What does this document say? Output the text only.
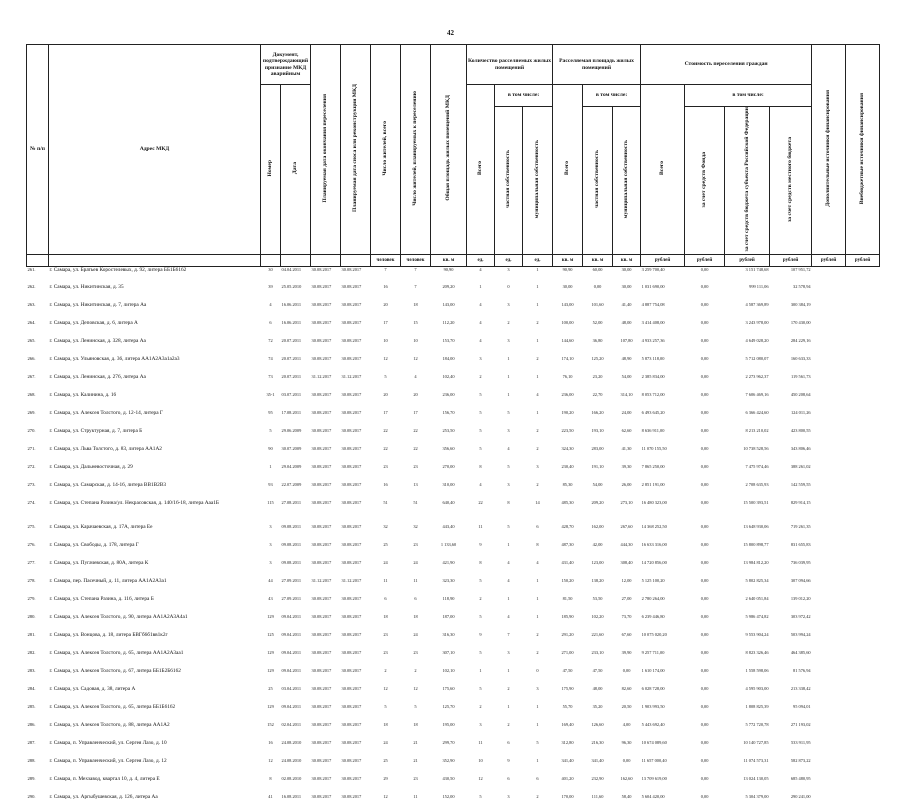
42
№ п/п	Адрес МКД	Документ, подтверждающий признание МКД аварийным		Планируемая дата окончания переселения	Планируемая дата сноса или реконструкции МКД	Число жителей, всего	Число жителей, планируемых к переселению	Общая площадь жилых помещений МКД	Количество расселяемых жилых помещений			Расселяемая площадь жилых помещений			Стоимость переселения граждан				Дополнительные источники финансирования	Внебюджетные источники финансирования
		Номер	Дата						Всего	в том числе:		Всего	в том числе:		Всего	в том числе:				
										частная собственность	муниципальная собственность		частная собственность	муниципальная собственность		за счет средств Фонда	за счет средств бюджета субъекта Российской Федерации	за счет средств местного бюджета		
						человек	человек	кв. м	ед.	ед.	ед.	кв. м	кв. м	кв. м	рублей	рублей	рублей	рублей	рублей	рублей
261.	г. Самара, ул. Братьев Коростелевых, д. 92, литера ББ1Б6162	30	04.04.2011	30.08.2017	30.08.2017	7	7	90,90	4	3	1	90,90	60,00	30,00	3 259 700,40	0,00	3 151 748,68	107 951,72		
262.	г. Самара, ул. Никитинская, д. 35	39	25.05.2010	30.08.2017	30.08.2017	16	7	209,20	1	0	1	30,00	0,00	30,00	1 031 690,00	0,00	999 111,06	32 578,94		
263.	г. Самара, ул. Никитинская, д. 7, литера Аа	4	16.06.2011	30.08.2017	30.08.2017	20	18	143,00	4	3	1	143,00	101,60	41,40	4 887 754,08	0,00	4 587 369,89	300 384,19		
264.	г. Самара, ул. Деповская, д. 6, литера А	6	16.06.2011	30.08.2017	30.08.2017	17	15	112,20	4	2	2	100,00	52,00	48,00	3 414 408,00	0,00	3 243 978,00	170 430,00		
265.	г. Самара, ул. Ленинская, д. 328, литера Аа	72	20.07.2011	30.08.2017	30.08.2017	10	10	153,70	4	3	1	144,60	36,80	107,80	4 933 257,36	0,00	4 649 028,20	284 229,16		
266.	г. Самара, ул. Ульяновская, д. 36, литера АА1А2А3а1а2а3	74	20.07.2011	30.08.2017	30.08.2017	12	12	184,00	3	1	2	174,10	125,20	48,90	5 873 118,00	0,00	5 712 080,07	160 633,33		
267.	г. Самара, ул. Ленинская, д. 276, литера Аа	73	20.07.2011	31.12.2017	31.12.2017	5	4	102,40	2	1	1	76,10	23,20	54,00	2 385 834,00	0,00	2 273 962,37	119 561,73		
268.	г. Самара, ул. Калинина, д. 16	35-1	03.07.2011	30.08.2017	30.08.2017	20	20	236,00	5	1	4	236,00	22,70	314,10	8 053 712,00	0,00	7 606 469,16	450 208,64		
269.	г. Самара, ул. Алексея Толстого, д. 12-14, литера Г	95	17.08.2011	30.08.2017	30.08.2017	17	17	156,70	5	5	1	190,20	166,20	24,00	6 493 645,20	0,00	6 366 424,60	124 011,26		
270.	г. Самара, ул. Структурная, д. 7, литера Б	5	29.06.2009	30.08.2017	30.08.2017	22	22	253,50	5	3	2	223,50	193,10	62,60	8 636 911,00	0,00	8 213 210,02	423 800,55		
271.	г. Самара, ул. Льва Толстого, д. 83, литера АА1А2	90	30.07.2009	30.08.2017	30.08.2017	22	22	356,60	5	4	2	324,30	283,00	41,30	11 070 155,50	0,00	10 738 528,56	343 806,46		
272.	г. Самара, ул. Дальневосточная, д. 29	1	29.04.2009	30.08.2017	30.08.2017	23	23	270,00	8	5	3	230,40	191,10	39,30	7 865 250,00	0,00	7 475 974,46	388 261,02		
273.	г. Самара, ул. Самарская, д. 14-16, литера ВВ1В2В3	93	22.07.2009	30.08.2017	30.08.2017	16	13	310,00	4	3	2	85,30	54,00	26,00	2 851 191,00	0,00	2 708 635,93	142 559,55		
274.	г. Самара, ул. Степана Разина/ул. Некрасовская, д. 140/16-18, литера Ааа1Б	115	27.08.2011	30.08.2017	30.08.2017	51	51	640,40	22	8	14	485,30	209,20	273,10	16 480 323,00	0,00	15 500 393,51	829 914,15		
275.	г. Самара, ул. Карачаевская, д. 17А, литера Ее	3	09.08.2011	30.08.2017	30.08.2017	32	32	443,40	11	5	6	428,70	162,00	267,60	14 368 252,50	0,00	13 648 930,06	719 261,35		
276.	г. Самара, ул. Свободы, д. 178, литера Г	3	09.08.2011	30.08.2017	30.08.2017	25	23	1 133,60	9	1	8	487,30	42,00	444,30	16 633 316,00	0,00	15 800 898,77	831 655,83		
277.	г. Самара, ул. Пугачевская, д. 80А, литера К	3	09.08.2011	30.08.2017	30.08.2017	24	24	421,90	8	4	4	431,40	123,00	308,40	14 720 856,00	0,00	13 984 812,20	736 039,95		
278.	г. Самара, пер. Пасечный, д. 11, литера АА1А2А3а1	44	27.09.2011	31.12.2017	31.12.2017	11	11	323,30	5	4	1	150,20	138,20	12,00	5 125 100,20	0,00	5 802 825,34	307 094,66		
279.	г. Самара, ул. Степана Разина, д. 116, литера Б	43	27.09.2011	30.08.2017	30.08.2017	6	6	118,90	2	1	1	81,50	53,50	27,00	2 780 264,00	0,00	2 640 051,84	139 012,20		
280.	г. Самара, ул. Алексея Толстого, д. 90, литера АА1А2А3А4а1	129	09.04.2011	30.08.2017	30.08.2017	18	18	187,00	5	4	1	185,90	102,20	73,70	6 239 446,80	0,00	5 986 474,82	303 972,42		
281.	г. Самара, ул. Вонцова, д. 18, литера БВГб6б1вв1к2г	125	09.04.2011	30.08.2017	30.08.2017	23	24	316,30	9	7	2	291,20	221,60	67,60	10 075 020,20	0,00	9 553 904,24	503 994,24		
282.	г. Самара, ул. Алексея Толстого, д. 65, литера АА1А2А3аа1	129	09.04.2011	30.08.2017	30.08.2017	23	23	307,10	5	3	2	271,00	233,10	39,90	9 257 711,00	0,00	8 823 326,46	464 385,60		
283.	г. Самара, ул. Алексея Толстого, д. 67, литера ББ1Б2Б6162	129	09.04.2011	30.08.2017	30.08.2017	2	2	102,10	1	1	0	47,50	47,50	0,00	1 610 174,00	0,00	1 558 598,06	81 576,94		
284.	г. Самара, ул. Садовая, д. 38, литера А	25	03.04.2011	30.08.2017	30.08.2017	12	12	175,60	5	2	3	175,90	48,00	82,60	6 028 728,00	0,00	4 595 903,00	213 338,42		
285.	г. Самара, ул. Алексея Толстого, д. 65, литера ББ1Б6162	129	09.04.2011	30.08.2017	30.08.2017	5	5	125,70	2	1	1	55,70	35,20	20,50	1 903 993,50	0,00	1 808 825,39	95 094,01		
286.	г. Самара, ул. Алексея Толстого, д. 88, литера АА1А2	152	02.04.2011	30.08.2017	30.08.2017	18	18	195,00	3	2	1	169,40	126,60	4,00	5 443 692,40	0,00	5 772 720,78	271 193,02		
287.	г. Самара, п. Управленческий, ул. Сергея Лазо, д. 10	16	24.08.2010	30.08.2017	30.08.2017	24	21	299,70	11	6	5	312,80	216,30	96,30	10 674 089,60	0,00	10 140 727,85	533 911,95		
288.	г. Самара, п. Управленческий, ул. Сергея Лазо, д. 12	12	24.08.2010	30.08.2017	30.08.2017	25	21	352,90	10	9	1	341,40	341,40	0,00	11 657 000,40	0,00	11 074 573,31	582 873,22		
289.	г. Самара, п. Мехзавод, квартал 10, д. 4, литера Е	8	02.08.2010	30.08.2017	30.08.2017	29	23	430,50	12	6	6	401,20	232,90	162,60	13 709 619,00	0,00	13 024 130,05	685 480,95		
290.	г. Самара, ул. Аргыбушевская, д. 126, литера Аа	41	16.08.2011	30.08.2017	30.08.2017	12	11	152,00	5	3	2	170,00	111,60	58,40	5 604 420,00	0,00	5 304 379,00	290 241,00		
